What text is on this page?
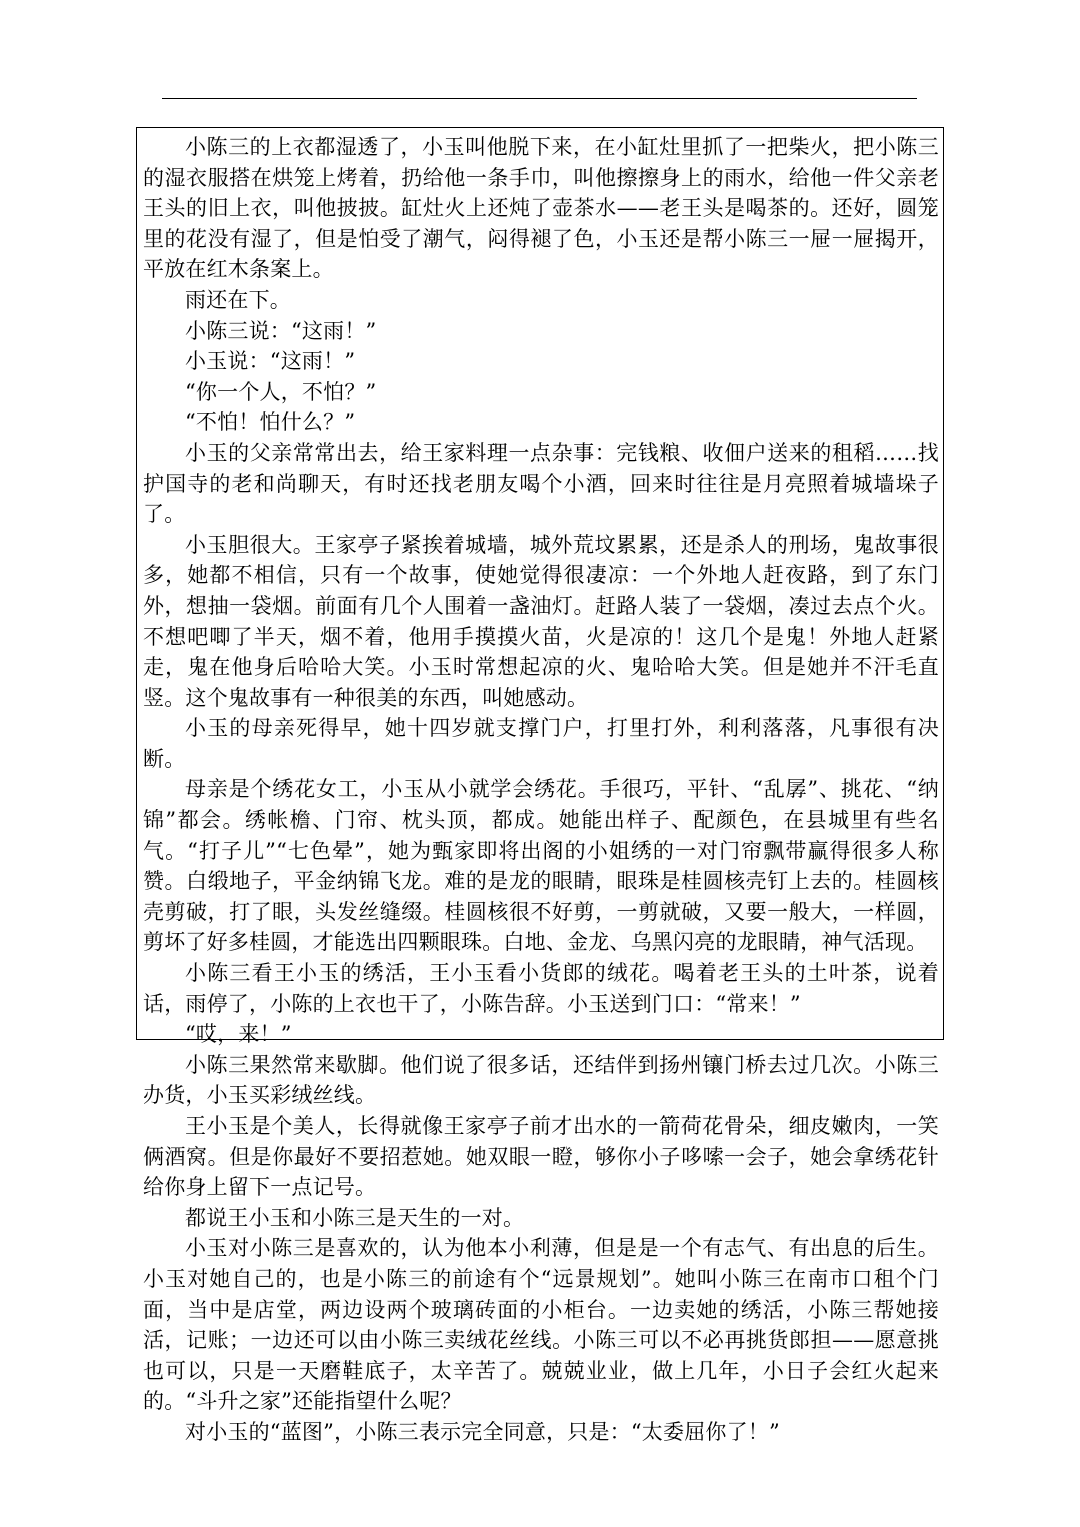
小陈三的上衣都湿透了，小玉叫他脱下来，在小缸灶里抓了一把柴火，把小陈三的湿衣服搭在烘笼上烤着，扔给他一条手巾，叫他擦擦身上的雨水，给他一件父亲老王头的旧上衣，叫他披披。缸灶火上还炖了壶茶水——老王头是喝茶的。还好，圆笼里的花没有湿了，但是怕受了潮气，闷得褪了色，小玉还是帮小陈三一屉一屉揭开，平放在红木条案上。

雨还在下。

小陈三说：“这雨！”

小玉说：“这雨！”

“你一个人，不怕？”

“不怕！怕什么？”

小玉的父亲常常出去，给王家料理一点杂事：完钱粮、收佃户送来的租稻……找护国寺的老和尚聊天，有时还找老朋友喝个小酒，回来时往往是月亮照着城墙垛子了。

小玉胆很大。王家亭子紧挨着城墙，城外荒坟累累，还是杀人的刑场，鬼故事很多，她都不相信，只有一个故事，使她觉得很凄凉：一个外地人赶夜路，到了东门外，想抽一袋烟。前面有几个人围着一盏油灯。赶路人装了一袋烟，凑过去点个火。不想吧唧了半天，烟不着，他用手摸摸火苗，火是凉的！这几个是鬼！外地人赶紧走，鬼在他身后哈哈大笑。小玉时常想起凉的火、鬼哈哈大笑。但是她并不汗毛直竖。这个鬼故事有一种很美的东西，叫她感动。

小玉的母亲死得早，她十四岁就支撑门户，打里打外，利利落落，凡事很有决断。

母亲是个绣花女工，小玉从小就学会绣花。手很巧，平针、“乱孱”、挑花、“纳锦”都会。绣帐檐、门帘、枕头顶，都成。她能出样子、配颜色，在县城里有些名气。“打子儿”“七色晕”，她为甄家即将出阁的小姐绣的一对门帘飘带赢得很多人称赞。白缎地子，平金纳锦飞龙。难的是龙的眼睛，眼珠是桂圆核壳钉上去的。桂圆核壳剪破，打了眼，头发丝缝缀。桂圆核很不好剪，一剪就破，又要一般大，一样圆，剪坏了好多桂圆，才能选出四颗眼珠。白地、金龙、乌黑闪亮的龙眼睛，神气活现。

小陈三看王小玉的绣活，王小玉看小货郎的绒花。喝着老王头的土叶茶，说着话，雨停了，小陈的上衣也干了，小陈告辞。小玉送到门口：“常来！”

“哎，来！”

小陈三果然常来歇脚。他们说了很多话，还结伴到扬州镶门桥去过几次。小陈三办货，小玉买彩绒丝线。

王小玉是个美人，长得就像王家亭子前才出水的一箭荷花骨朵，细皮嫩肉，一笑俩酒窝。但是你最好不要招惹她。她双眼一瞪，够你小子哆嗦一会子，她会拿绣花针给你身上留下一点记号。

都说王小玉和小陈三是天生的一对。

小玉对小陈三是喜欢的，认为他本小利薄，但是是一个有志气、有出息的后生。小玉对她自己的，也是小陈三的前途有个“远景规划”。她叫小陈三在南市口租个门面，当中是店堂，两边设两个玻璃砖面的小柜台。一边卖她的绣活，小陈三帮她接活，记账；一边还可以由小陈三卖绒花丝线。小陈三可以不必再挑货郎担——愿意挑也可以，只是一天磨鞋底子，太辛苦了。兢兢业业，做上几年，小日子会红火起来的。“斗升之家”还能指望什么呢？

对小玉的“蓝图”，小陈三表示完全同意，只是：“太委屈你了！”
